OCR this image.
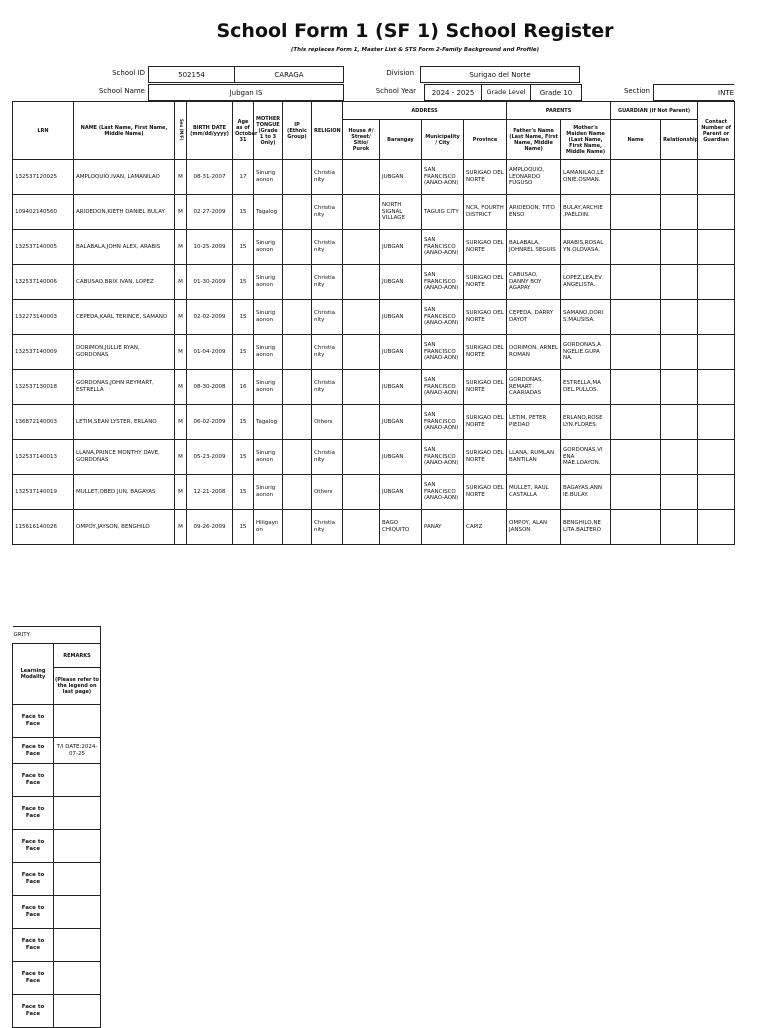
School Form 1 (SF 1) School Register
(This replaces Form 1, Master List & STS Form 2-Family Background and Profile)
School ID	502154	CARAGA	Division	Surigao del Norte
School Name	Jubgan IS	School Year	2024 - 2025	Grade Level	Grade 10	Section	INTE
LRN	NAME (Last Name, First Name, Middle Name)	Sex (M/F)	BIRTH DATE (mm/dd/yyyy)	Age as of October 31	MOTHER TONGUE (Grade 1 to 3 Only)	IP (Ethnic Group)	RELIGION	ADDRESS				PARENTS		GUARDIAN (if Not Parent)		Contact Number of Parent or Guardian
								House #/ Street/ Sitio/ Purok	Barangay	Municipality / City	Province	Father's Name (Last Name, First Name, Middle Name)	Mother's Maiden Name (Last Name, First Name, Middle Name)	Name	Relationship	
132537120025	AMPLOQUIO,IVAN, LAMANILAO	M	08-31-2007	17	Sinurig aonon		Christia nity		JUBGAN	SAN FRANCISCO (ANAO-AON)	SURIGAO DEL NORTE	AMPLOQUIO, LEONARDO FUGUSO	LAMANILAO,LE ONIE.OSMAN.			
109402140560	ARIDEDON,KIETH DANIEL BULAY	M	02-27-2009	15	Tagalog		Christia nity		NORTH SIGNAL VILLAGE	TAGUIG CITY	NCR, FOURTH DISTRICT	ARIDEDON, TITO ENSO	BULAY,ARCHIE ,PAELDIN.			
132537140005	BALABALA,JOHN ALEX, ARABIS	M	10-25-2009	15	Sinurig aonon		Christia nity		JUBGAN	SAN FRANCISCO (ANAO-AON)	SURIGAO DEL NORTE	BALABALA, JOHNREL SEGUIS	ARABIS,ROSAL YN.OLOVASA.			
132537140006	CABUSAO,BRIX IVAN, LOPEZ	M	01-30-2009	15	Sinurig aonon		Christia nity		JUBGAN	SAN FRANCISCO (ANAO-AON)	SURIGAO DEL NORTE	CABUSAO, DANNY BOY AGAPAY	LOPEZ,LEA,EV ANGELISTA.			
132273140003	CEPEDA,KARL TERINCE, SAMANO	M	02-02-2009	15	Sinurig aonon		Christia nity		JUBGAN	SAN FRANCISCO (ANAO-AON)	SURIGAO DEL NORTE	CEPEDA, DARRY DAYOT	SAMANO,DORI S.MAUSISA.			
132537140009	DORIMON,JULLIE RYAN, GORDONAS	M	01-04-2009	15	Sinurig aonon		Christia nity		JUBGAN	SAN FRANCISCO (ANAO-AON)	SURIGAO DEL NORTE	DORIMON, ARNEL ROMAN	GORDONAS,A NGELIE.GUPA NA.			
132537130018	GORDONAS,JOHN REYMART, ESTRELLA	M	08-30-2008	16	Sinurig aonon		Christia nity		JUBGAN	SAN FRANCISCO (ANAO-AON)	SURIGAO DEL NORTE	GORDONAS, REMART CAARIADAS	ESTRELLA,MA DEL.PULLOS.			
136872140003	LETIM,SEAN LYSTER, ERLANO	M	06-02-2009	15	Tagalog		Others		JUBGAN	SAN FRANCISCO (ANAO-AON)	SURIGAO DEL NORTE	LETIM, PETER PIEDAD	ERLANO,ROSE LYN.FLORES.			
132537140013	LLANA,PRINCE MONTHY DAVE, GORDONAS	M	05-23-2009	15	Sinurig aonon		Christia nity		JUBGAN	SAN FRANCISCO (ANAO-AON)	SURIGAO DEL NORTE	LLANA, RUMLAN BANTILAN	GORDONAS,VI ENA MAE.LOAYON.			
132537140019	MULLET,OBED JUN, BAGAYAS	M	12-21-2008	15	Sinurig aonon		Others		JUBGAN	SAN FRANCISCO (ANAO-AON)	SURIGAO DEL NORTE	MULLET, RAUL CASTALLA	BAGAYAS,ANN IE.BULAY.			
115616140026	OMPOY,JAYSON, BENGHILO	M	09-26-2009	15	Hiligayn on		Christia nity		BAGO CHIQUITO	PANAY	CAPIZ	OMPOY, ALAN JANSON	BENGHILO,NE LITA.BALTERO			
GRITY	
Learning Modality	REMARKS
	(Please refer to the legend on last page)
Face to Face	
Face to Face	T/I DATE:2024-07-25
Face to Face	
Face to Face	
Face to Face	
Face to Face	
Face to Face	
Face to Face	
Face to Face	
Face to Face	
